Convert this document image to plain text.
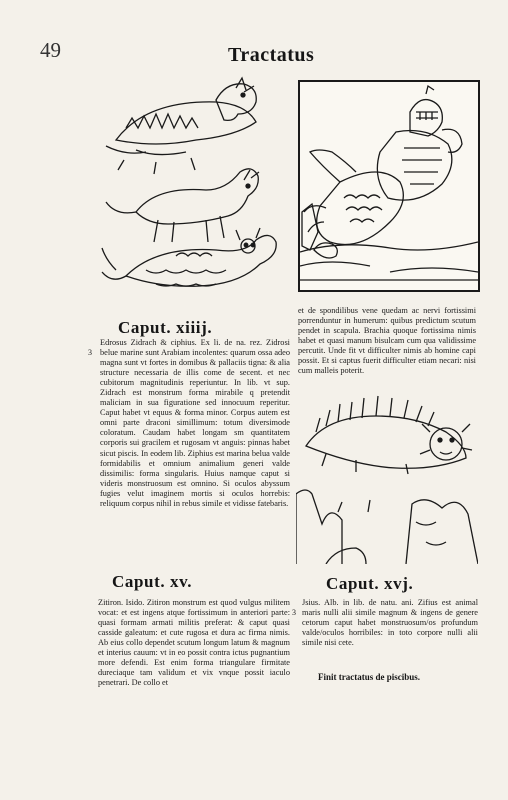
49	Tractatus
Caput. xiiij.
3

Edrosus Zidrach & ciphius. Ex li. de na. rez. Zidrosi belue marine sunt Arabiam incolentes: quarum ossa adeo magna sunt vt fortes in domibus & pallaciis tigna: & alia structure necessaria de illis come de secent. et nec cubitorum magnitudinis reperiuntur. In lib. vt sup. Zidrach est monstrum forma mirabile q pretendit maliciam in sua figuratione sed innocuum reperitur. Caput habet vt equus & forma minor. Corpus autem est omni parte draconi simillimum: totum diversimode coloratum. Caudam habet longam sm quantitatem corporis sui gracilem et rugosam vt anguis: pinnas habet sicut piscis. In eodem lib. Ziphius est marina belua valde formidabilis et omnium animalium generi valde dissimilis: forma singularis. Huius namque caput si videris monstruosum est omnino. Si oculos abyssum fugies velut imaginem mortis si oculos horrebis: reliquum corpus nihil in rebus simile et vidisse fatebaris.

Caput. xv.

Zitiron. Isido. Zitiron monstrum est quod vulgus militem vocat: et est ingens atque fortissimum in anteriori parte: quasi formam armati militis preferat: & caput quasi casside galeatum: et cute rugosa et dura ac firma nimis. Ab eius collo dependet scutum longum latum & magnum et interius cauum: vt in eo possit contra ictus pugnantium more defendi. Est enim forma triangulare firmitate dureciaque tam validum et vix vnque possit iaculo penetrari. De collo et

et de spondilibus vene quedam ac nervi fortissimi porrenduntur in humerum: quibus predictum scutum pendet in scapula. Brachia quoque fortissima nimis habet et quasi manum bisulcam cum qua validissime percutit. Unde fit vt difficulter nimis ab homine capi possit. Et si captus fuerit difficulter etiam necari: nisi cum malleis poterit.

Caput. xvj.
3

Jsius. Alb. in lib. de natu. ani. Zifius est animal maris nulli alii simile magnum & ingens de genere cetorum caput habet monstruosum/os profundum valde/oculos horribiles: in toto corpore nulli alii simile nisi cete.

Finit tractatus de piscibus.
